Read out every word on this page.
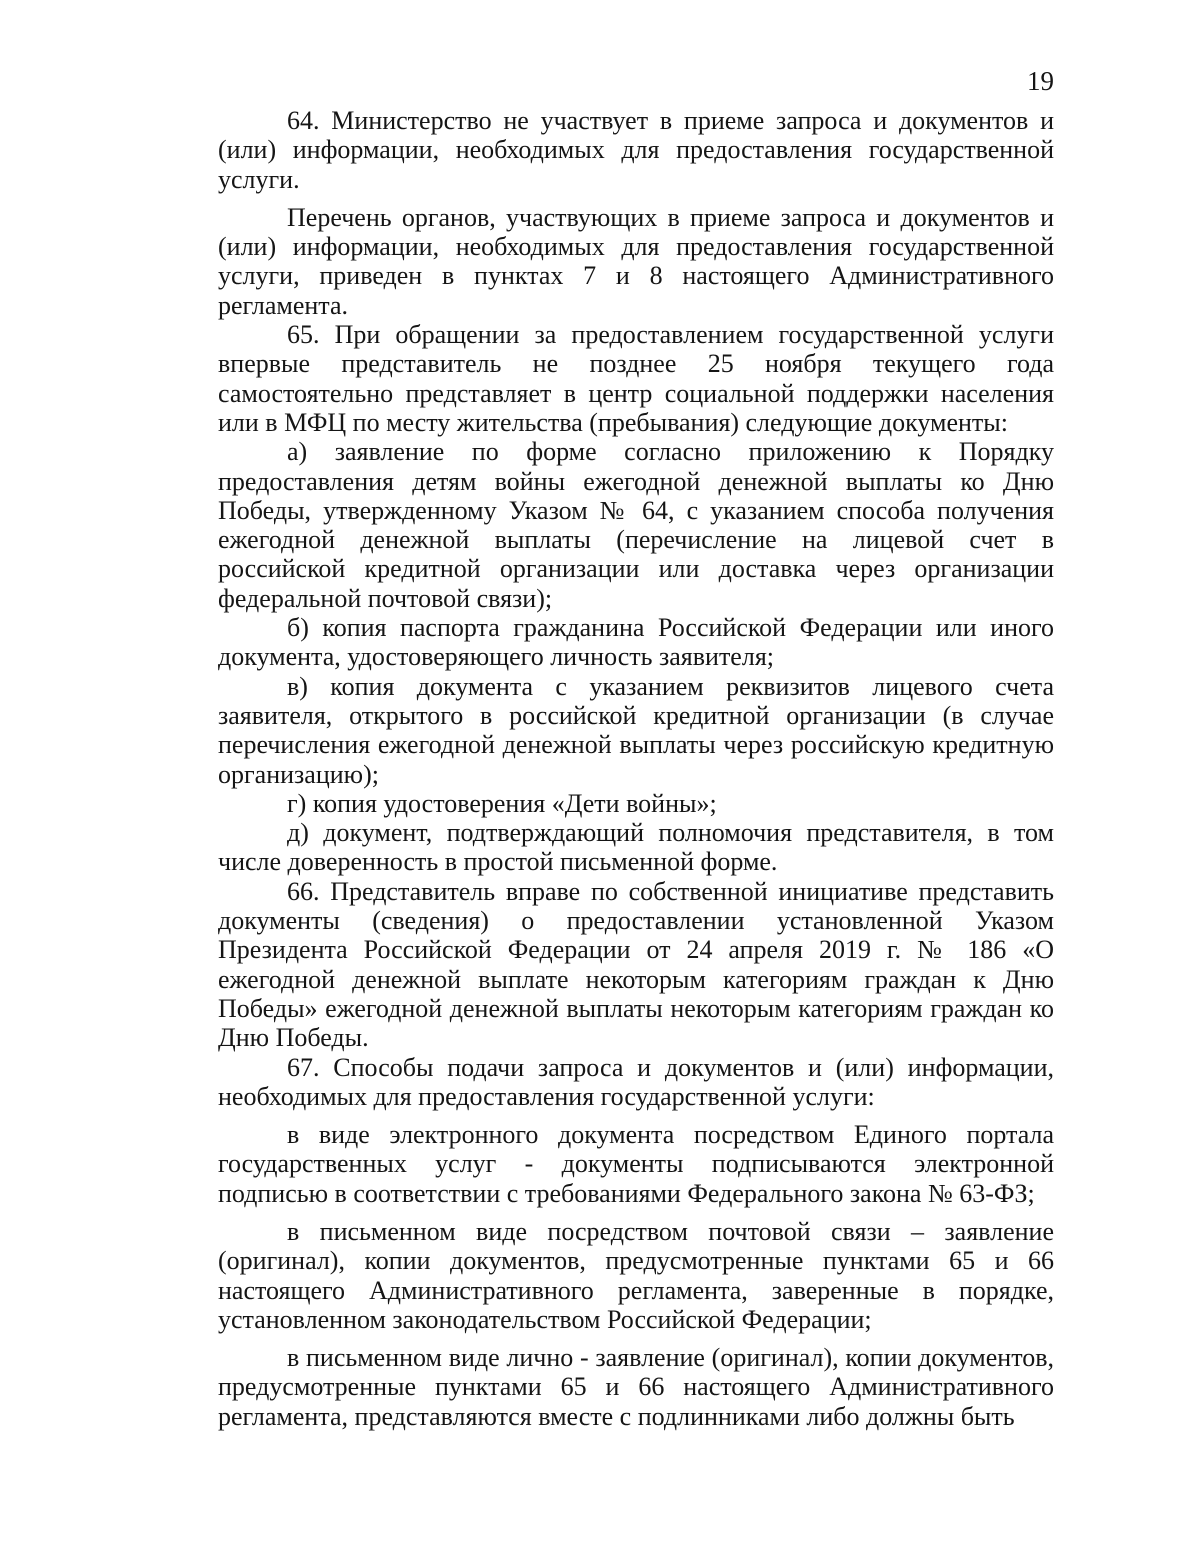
19

64. Министерство не участвует в приеме запроса и документов и (или) информации, необходимых для предоставления государственной услуги.

Перечень органов, участвующих в приеме запроса и документов и (или) информации, необходимых для предоставления государственной услуги, приведен в пунктах 7 и 8 настоящего Административного регламента.

65. При обращении за предоставлением государственной услуги впервые представитель не позднее 25 ноября текущего года самостоятельно представляет в центр социальной поддержки населения или в МФЦ по месту жительства (пребывания) следующие документы:

а) заявление по форме согласно приложению к Порядку предоставления детям войны ежегодной денежной выплаты ко Дню Победы, утвержденному Указом № 64, с указанием способа получения ежегодной денежной выплаты (перечисление на лицевой счет в российской кредитной организации или доставка через организации федеральной почтовой связи);

б) копия паспорта гражданина Российской Федерации или иного документа, удостоверяющего личность заявителя;

в) копия документа с указанием реквизитов лицевого счета заявителя, открытого в российской кредитной организации (в случае перечисления ежегодной денежной выплаты через российскую кредитную организацию);

г) копия удостоверения «Дети войны»;

д) документ, подтверждающий полномочия представителя, в том числе доверенность в простой письменной форме.

66. Представитель вправе по собственной инициативе представить документы (сведения) о предоставлении установленной Указом Президента Российской Федерации от 24 апреля 2019 г. № 186 «О ежегодной денежной выплате некоторым категориям граждан к Дню Победы» ежегодной денежной выплаты некоторым категориям граждан ко Дню Победы.

67. Способы подачи запроса и документов и (или) информации, необходимых для предоставления государственной услуги:

в виде электронного документа посредством Единого портала государственных услуг - документы подписываются электронной подписью в соответствии с требованиями Федерального закона № 63-ФЗ;

в письменном виде посредством почтовой связи – заявление (оригинал), копии документов, предусмотренные пунктами 65 и 66 настоящего Административного регламента, заверенные в порядке, установленном законодательством Российской Федерации;

в письменном виде лично - заявление (оригинал), копии документов, предусмотренные пунктами 65 и 66 настоящего Административного регламента, представляются вместе с подлинниками либо должны быть
